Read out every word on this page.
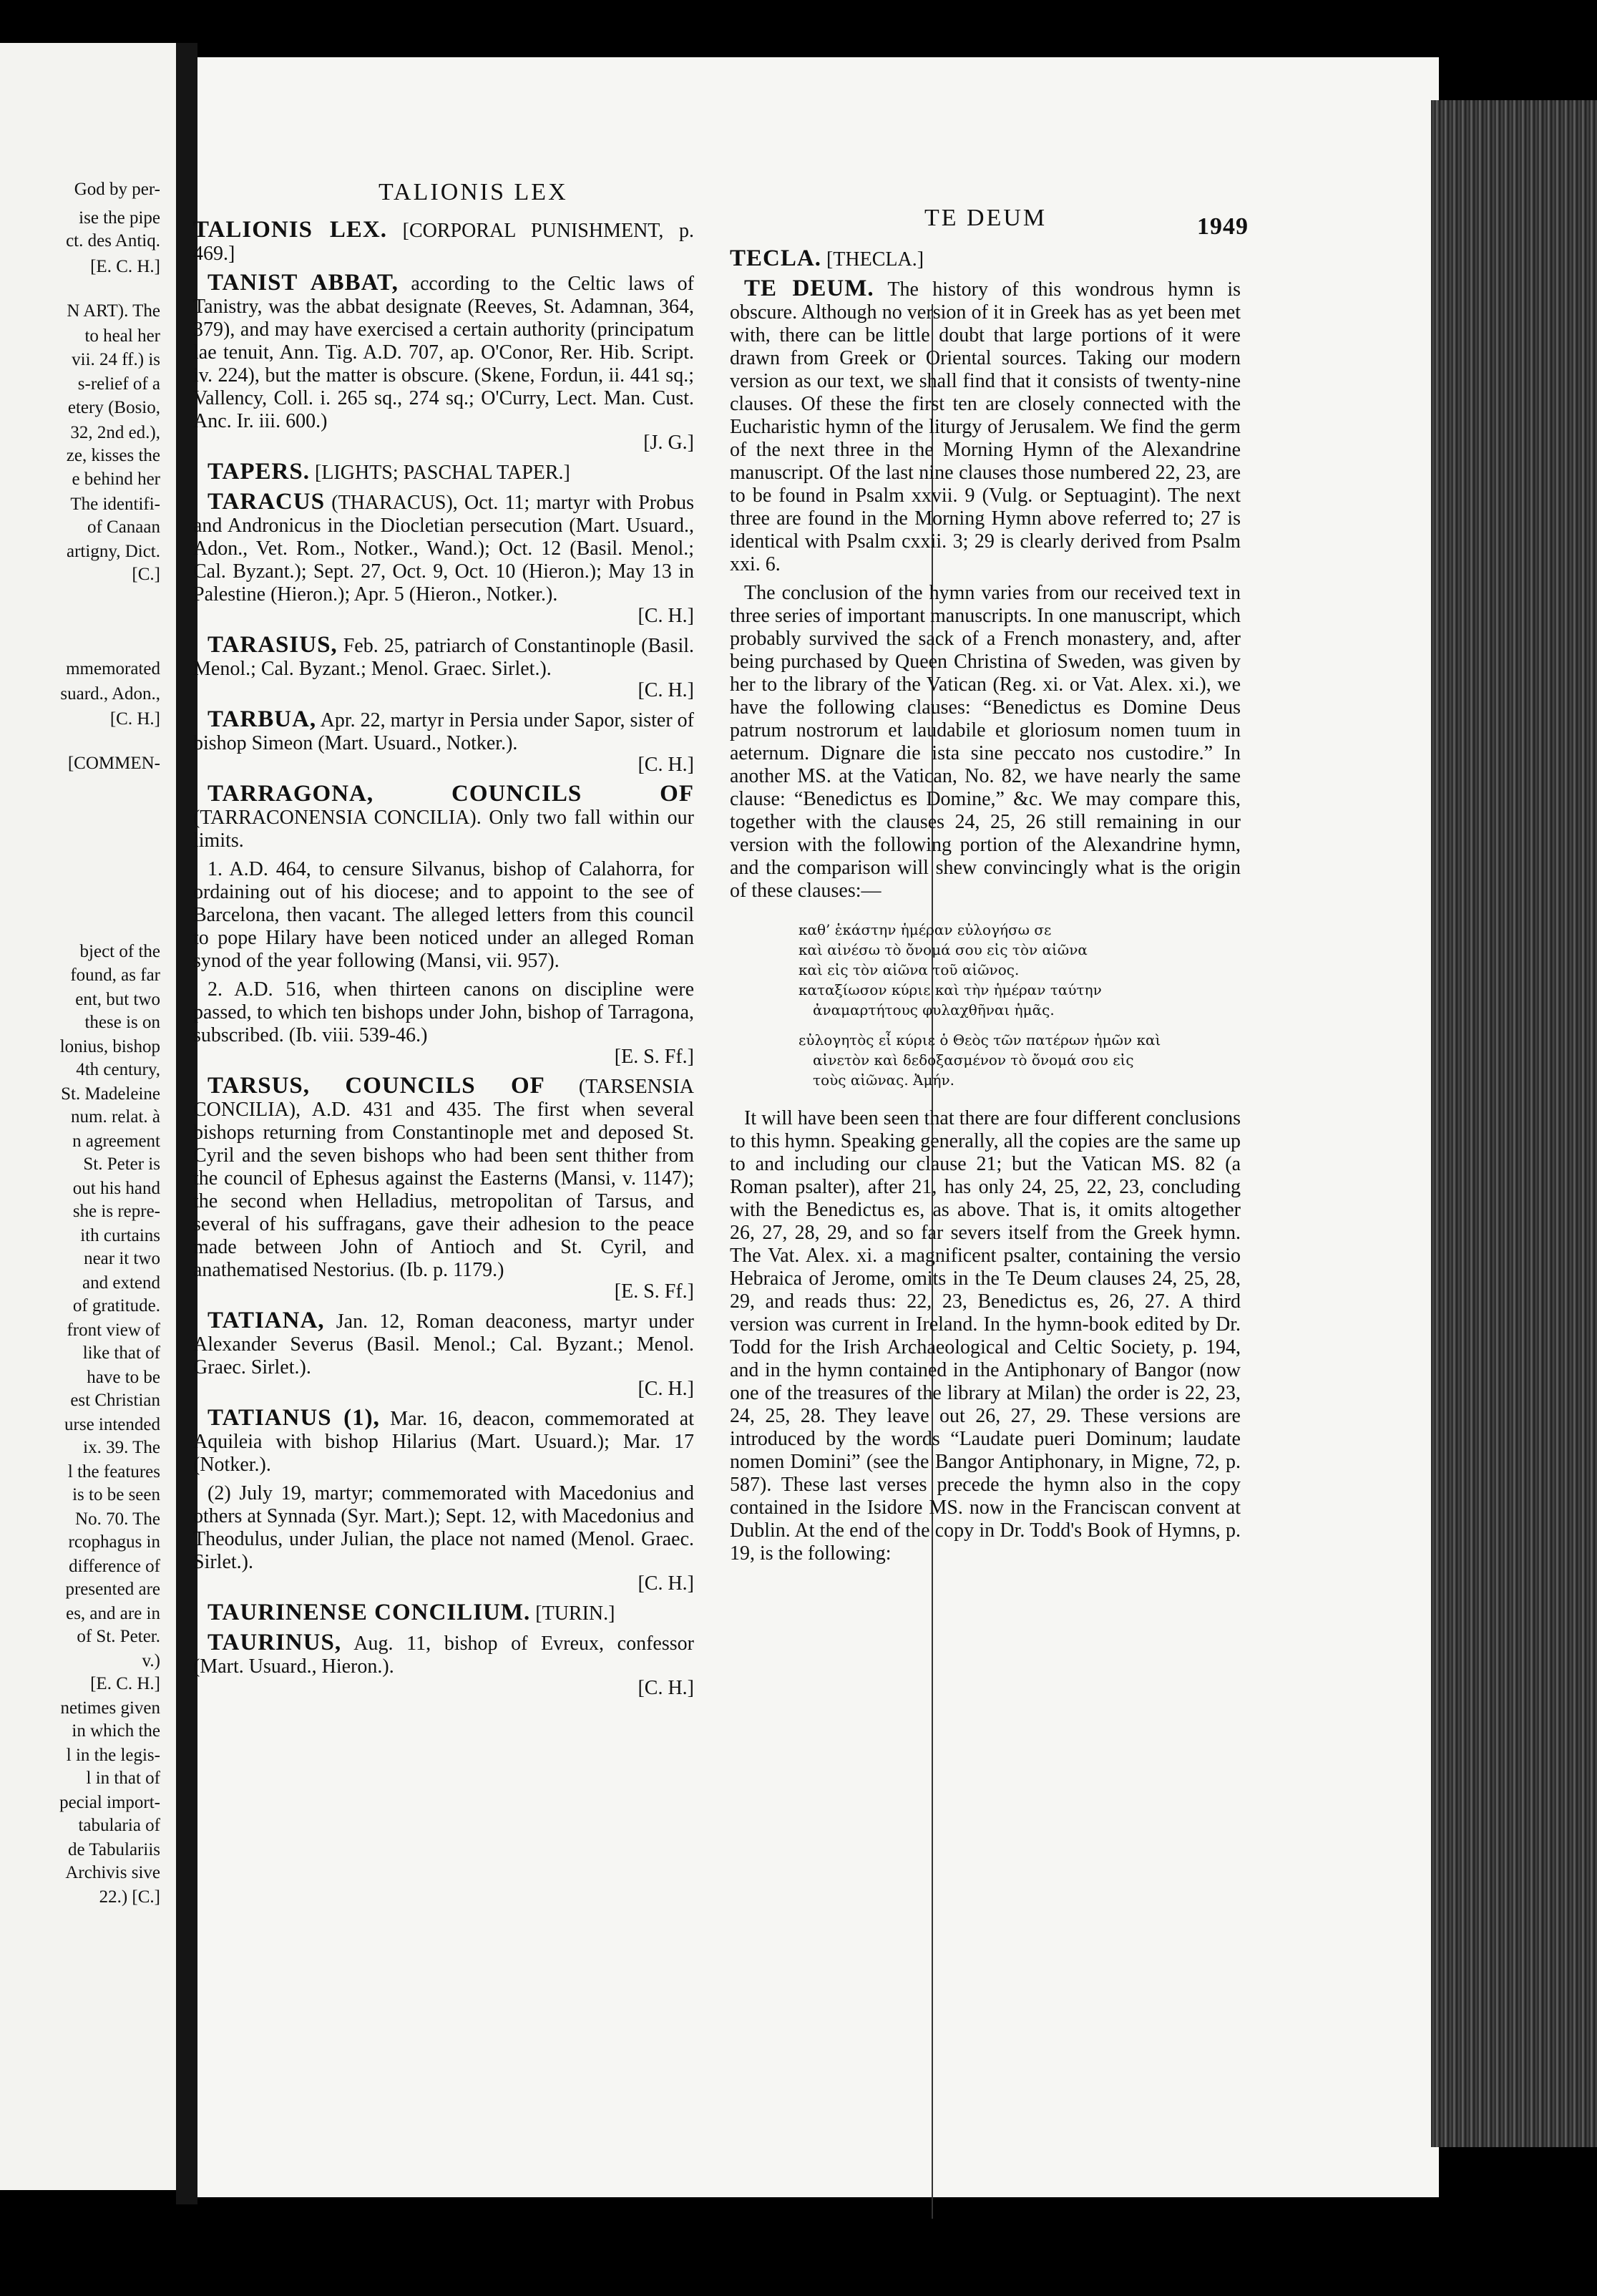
God by per-
ise the pipe
ct. des Antiq.
[E. C. H.]
N ART). The
to heal her
vii. 24 ff.) is
s-relief of a
etery (Bosio,
32, 2nd ed.),
ze, kisses the
e behind her
The identifi-
of Canaan
artigny, Dict.
[C.]
mmemorated
suard., Adon.,
[C. H.]
[COMMEN-
bject of the
found, as far
ent, but two
these is on
lonius, bishop
4th century,
St. Madeleine
num. relat. à
n agreement
St. Peter is
out his hand
she is repre-
ith curtains
near it two
and extend
of gratitude.
front view of
like that of
have to be
est Christian
urse intended
ix. 39. The
l the features
is to be seen
No. 70. The
rcophagus in
difference of
presented are
es, and are in
of St. Peter.
v.)
[E. C. H.]
netimes given
in which the
l in the legis-
l in that of
pecial import-
tabularia of
de Tabulariis
Archivis sive
22.) [C.]
TALIONIS LEX
TE DEUM	1949

TALIONIS LEX. [CORPORAL PUNISHMENT, p. 469.]

TANIST ABBAT, according to the Celtic laws of Tanistry, was the abbat designate (Reeves, St. Adamnan, 364, 379), and may have exercised a certain authority (principatum lae tenuit, Ann. Tig. A.D. 707, ap. O'Conor, Rer. Hib. Script. iv. 224), but the matter is obscure. (Skene, Fordun, ii. 441 sq.; Vallency, Coll. i. 265 sq., 274 sq.; O'Curry, Lect. Man. Cust. Anc. Ir. iii. 600.)
[J. G.]

TAPERS. [LIGHTS; PASCHAL TAPER.]

TARACUS (THARACUS), Oct. 11; martyr with Probus and Andronicus in the Diocletian persecution (Mart. Usuard., Adon., Vet. Rom., Notker., Wand.); Oct. 12 (Basil. Menol.; Cal. Byzant.); Sept. 27, Oct. 9, Oct. 10 (Hieron.); May 13 in Palestine (Hieron.); Apr. 5 (Hieron., Notker.).
[C. H.]

TARASIUS, Feb. 25, patriarch of Constantinople (Basil. Menol.; Cal. Byzant.; Menol. Graec. Sirlet.).
[C. H.]

TARBUA, Apr. 22, martyr in Persia under Sapor, sister of bishop Simeon (Mart. Usuard., Notker.).
[C. H.]

TARRAGONA, COUNCILS OF (TARRACONENSIA CONCILIA). Only two fall within our limits.

1. A.D. 464, to censure Silvanus, bishop of Calahorra, for ordaining out of his diocese; and to appoint to the see of Barcelona, then vacant. The alleged letters from this council to pope Hilary have been noticed under an alleged Roman synod of the year following (Mansi, vii. 957).

2. A.D. 516, when thirteen canons on discipline were passed, to which ten bishops under John, bishop of Tarragona, subscribed. (Ib. viii. 539-46.)
[E. S. Ff.]

TARSUS, COUNCILS OF (TARSENSIA CONCILIA), A.D. 431 and 435. The first when several bishops returning from Constantinople met and deposed St. Cyril and the seven bishops who had been sent thither from the council of Ephesus against the Easterns (Mansi, v. 1147); the second when Helladius, metropolitan of Tarsus, and several of his suffragans, gave their adhesion to the peace made between John of Antioch and St. Cyril, and anathematised Nestorius. (Ib. p. 1179.)
[E. S. Ff.]

TATIANA, Jan. 12, Roman deaconess, martyr under Alexander Severus (Basil. Menol.; Cal. Byzant.; Menol. Graec. Sirlet.).
[C. H.]

TATIANUS (1), Mar. 16, deacon, commemorated at Aquileia with bishop Hilarius (Mart. Usuard.); Mar. 17 (Notker.).

(2) July 19, martyr; commemorated with Macedonius and others at Synnada (Syr. Mart.); Sept. 12, with Macedonius and Theodulus, under Julian, the place not named (Menol. Graec. Sirlet.).
[C. H.]

TAURINENSE CONCILIUM. [TURIN.]

TAURINUS, Aug. 11, bishop of Evreux, confessor (Mart. Usuard., Hieron.).
[C. H.]

TECLA. [THECLA.]

TE DEUM. The history of this wondrous hymn is obscure. Although no version of it in Greek has as yet been met with, there can be little doubt that large portions of it were drawn from Greek or Oriental sources. Taking our modern version as our text, we shall find that it consists of twenty-nine clauses. Of these the first ten are closely connected with the Eucharistic hymn of the liturgy of Jerusalem. We find the germ of the next three in the Morning Hymn of the Alexandrine manuscript. Of the last nine clauses those numbered 22, 23, are to be found in Psalm xxvii. 9 (Vulg. or Septuagint). The next three are found in the Morning Hymn above referred to; 27 is identical with Psalm cxxii. 3; 29 is clearly derived from Psalm xxi. 6.

The conclusion of the hymn varies from our received text in three series of important manuscripts. In one manuscript, which probably survived the sack of a French monastery, and, after being purchased by Queen Christina of Sweden, was given by her to the library of the Vatican (Reg. xi. or Vat. Alex. xi.), we have the following clauses: “Benedictus es Domine Deus patrum nostrorum et laudabile et gloriosum nomen tuum in aeternum. Dignare die ista sine peccato nos custodire.” In another MS. at the Vatican, No. 82, we have nearly the same clause: “Benedictus es Domine,” &c. We may compare this, together with the clauses 24, 25, 26 still remaining in our version with the following portion of the Alexandrine hymn, and the comparison will shew convincingly what is the origin of these clauses:—

καθ’ ἑκάστην ἡμέραν εὐλογήσω σε
καὶ αἰνέσω τὸ ὄνομά σου εἰς τὸν αἰῶνα
καὶ εἰς τὸν αἰῶνα τοῦ αἰῶνος.
καταξίωσον κύριε καὶ τὴν ἡμέραν ταύτην
ἀναμαρτήτους φυλαχθῆναι ἡμᾶς.
εὐλογητὸς εἶ κύριε ὁ Θεὸς τῶν πατέρων ἡμῶν καὶ
αἰνετὸν καὶ δεδοξασμένον τὸ ὄνομά σου εἰς
τοὺς αἰῶνας. Ἀμήν.

It will have been seen that there are four different conclusions to this hymn. Speaking generally, all the copies are the same up to and including our clause 21; but the Vatican MS. 82 (a Roman psalter), after 21, has only 24, 25, 22, 23, concluding with the Benedictus es, as above. That is, it omits altogether 26, 27, 28, 29, and so far severs itself from the Greek hymn. The Vat. Alex. xi. a magnificent psalter, containing the versio Hebraica of Jerome, omits in the Te Deum clauses 24, 25, 28, 29, and reads thus: 22, 23, Benedictus es, 26, 27. A third version was current in Ireland. In the hymn-book edited by Dr. Todd for the Irish Archaeological and Celtic Society, p. 194, and in the hymn contained in the Antiphonary of Bangor (now one of the treasures of the library at Milan) the order is 22, 23, 24, 25, 28. They leave out 26, 27, 29. These versions are introduced by the words “Laudate pueri Dominum; laudate nomen Domini” (see the Bangor Antiphonary, in Migne, 72, p. 587). These last verses precede the hymn also in the copy contained in the Isidore MS. now in the Franciscan convent at Dublin. At the end of the copy in Dr. Todd's Book of Hymns, p. 19, is the following:
